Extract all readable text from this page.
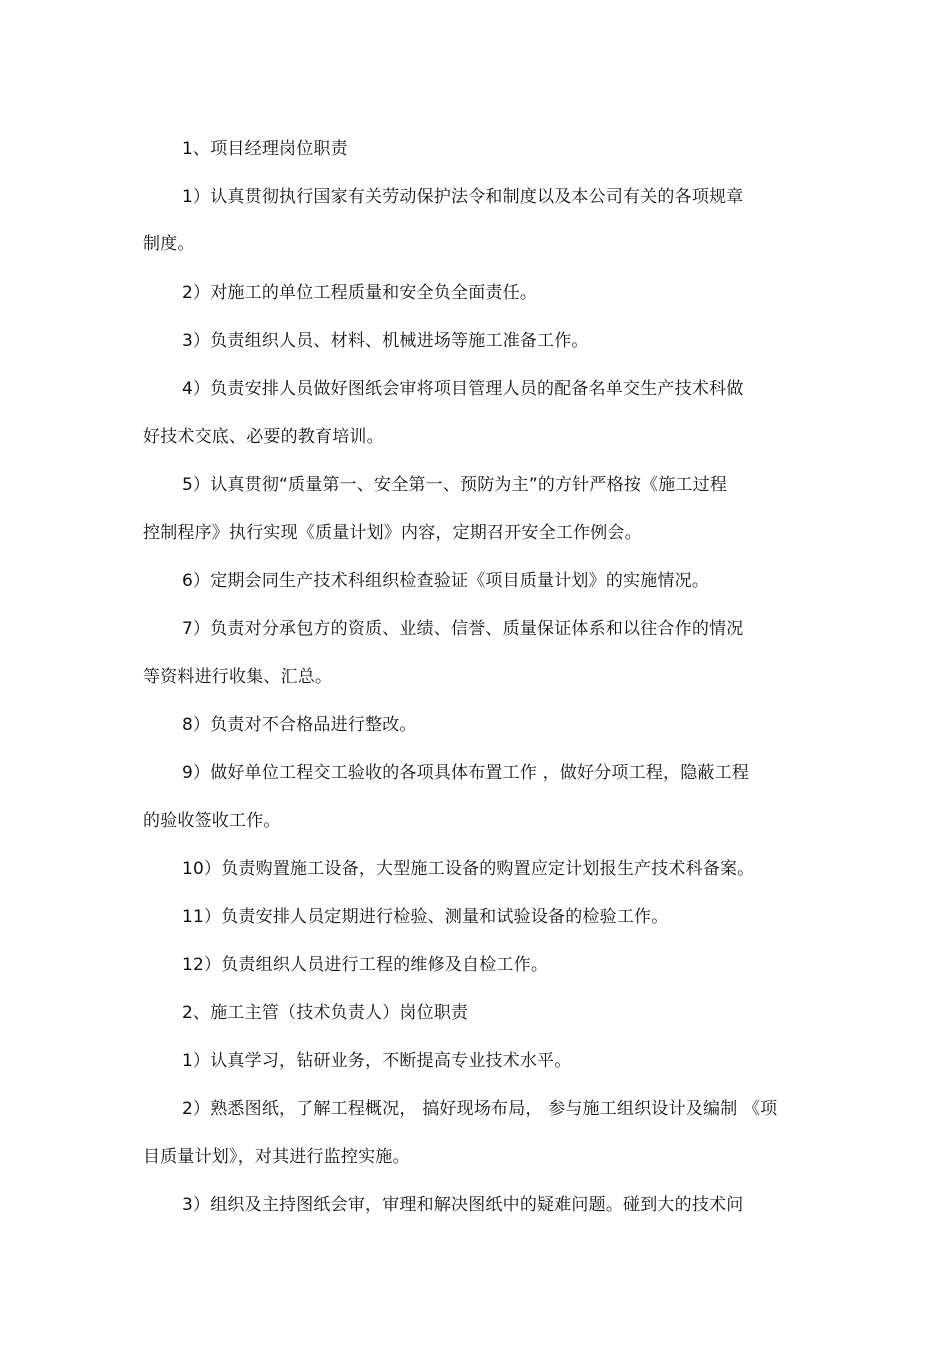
1、项目经理岗位职责
1）认真贯彻执行国家有关劳动保护法令和制度以及本公司有关的各项规章
制度。
2）对施工的单位工程质量和安全负全面责任。
3）负责组织人员、材料、机械进场等施工准备工作。
4）负责安排人员做好图纸会审将项目管理人员的配备名单交生产技术科做
好技术交底、必要的教育培训。
5）认真贯彻“质量第一、安全第一、预防为主”的方针严格按《施工过程
控制程序》执行实现《质量计划》内容，定期召开安全工作例会。
6）定期会同生产技术科组织检查验证《项目质量计划》的实施情况。
7）负责对分承包方的资质、业绩、信誉、质量保证体系和以往合作的情况
等资料进行收集、汇总。
8）负责对不合格品进行整改。
9）做好单位工程交工验收的各项具体布置工作 ，做好分项工程，隐蔽工程
的验收签收工作。
10）负责购置施工设备，大型施工设备的购置应定计划报生产技术科备案。
11）负责安排人员定期进行检验、测量和试验设备的检验工作。
12）负责组织人员进行工程的维修及自检工作。
2、施工主管（技术负责人）岗位职责
1）认真学习，钻研业务，不断提高专业技术水平。
2）熟悉图纸，了解工程概况， 搞好现场布局， 参与施工组织设计及编制 《项
目质量计划》，对其进行监控实施。
3）组织及主持图纸会审，审理和解决图纸中的疑难问题。碰到大的技术问
